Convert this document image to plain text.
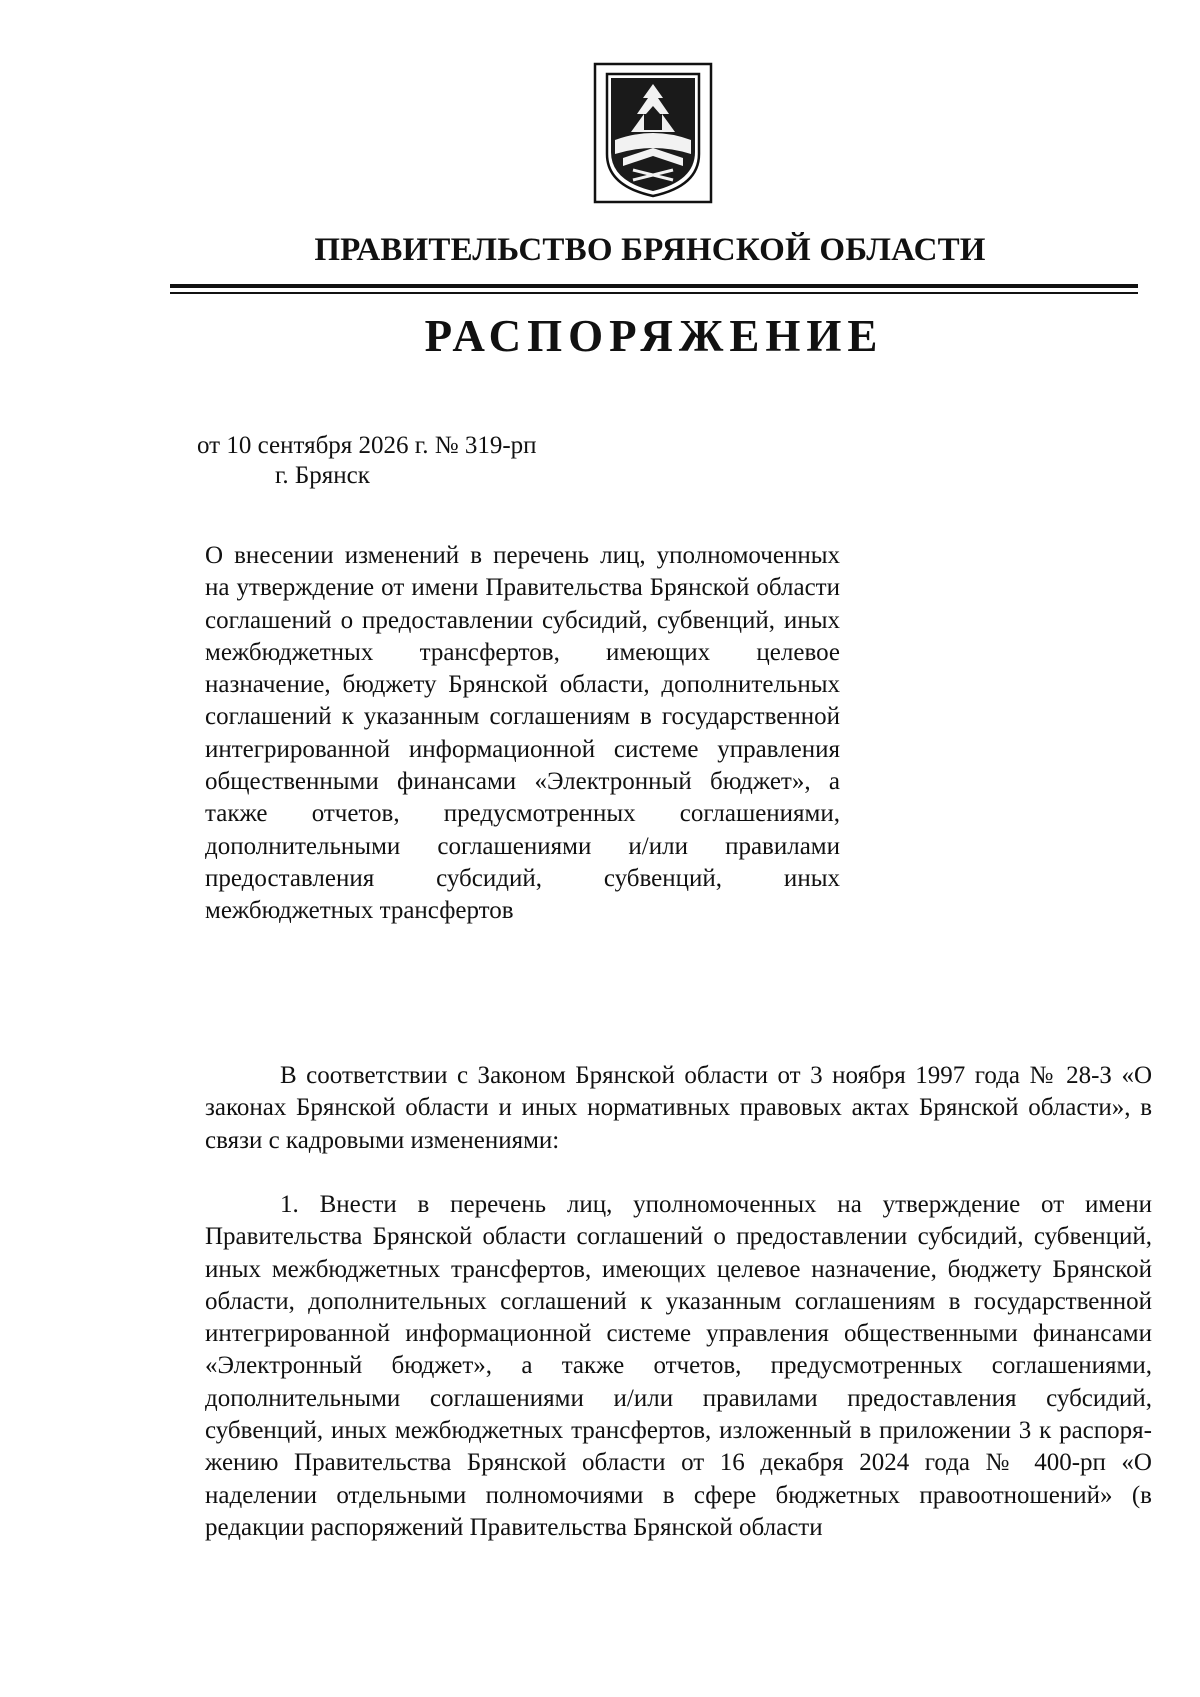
ПРАВИТЕЛЬСТВО БРЯНСКОЙ ОБЛАСТИ
РАСПОРЯЖЕНИЕ
от 10 сентября 2026 г. № 319-рп
г. Брянск
О внесении изменений в перечень лиц, уполномоченных на утверждение от имени Правительства Брянской области соглашений о предоставлении субсидий, субвенций, иных межбюджетных трансфертов, имеющих целевое назначение, бюджету Брянской области, дополнительных соглашений к указанным соглашениям в государственной интегрированной информационной системе управления общественными финансами «Электронный бюджет», а также отчетов, предусмотренных соглашениями, дополнительными соглашениями и/или правилами предоставления субсидий, субвенций, иных межбюджетных трансфертов

В соответствии с Законом Брянской области от 3 ноября 1997 года № 28-З «О законах Брянской области и иных нормативных правовых актах Брянской области», в связи с кадровыми изменениями:

1. Внести в перечень лиц, уполномоченных на утверждение от имени Правительства Брянской области соглашений о предоставлении субсидий, субвенций, иных межбюджетных трансфертов, имеющих целевое назначение, бюджету Брянской области, дополнительных соглашений к указанным соглашениям в государственной интегрированной информационной системе управления общественными финансами «Электронный бюджет», а также отчетов, предусмотренных соглашениями, дополнительными соглашениями и/или правилами предоставления субсидий, субвенций, иных межбюджетных трансфертов, изложенный в приложении 3 к распоряжению Правительства Брянской области от 16 декабря 2024 года № 400-рп «О наделении отдельными полномочиями в сфере бюджетных правоотношений» (в редакции распоряжений Правительства Брянской области
